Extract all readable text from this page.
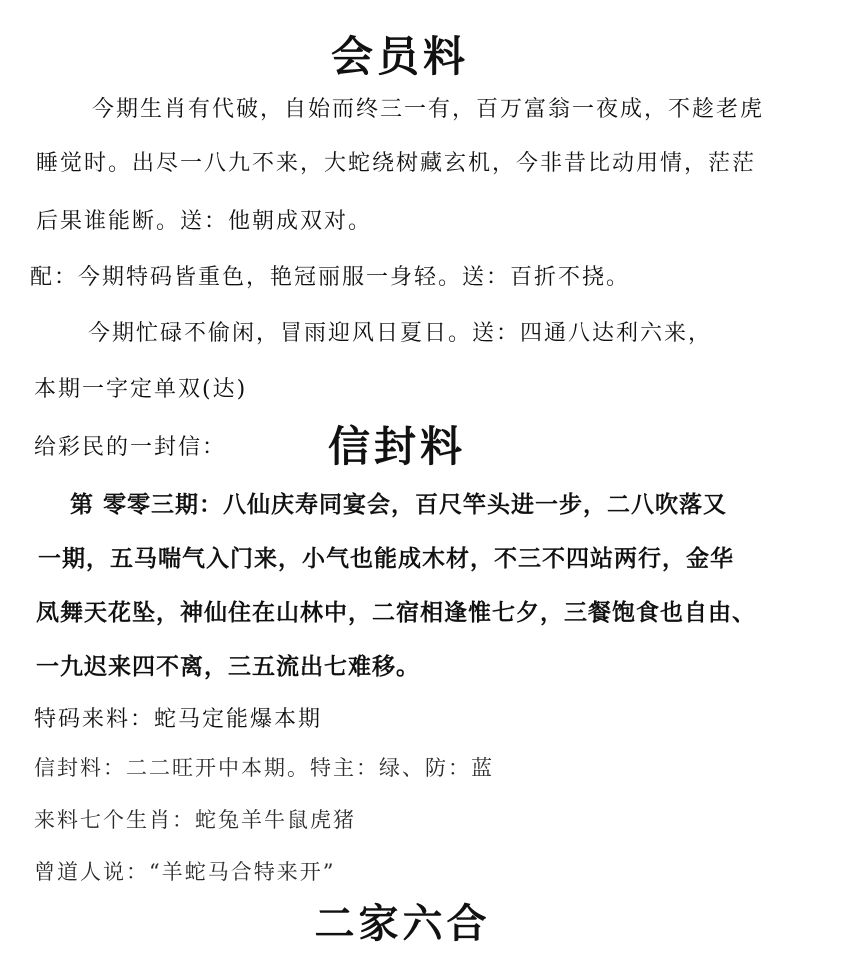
会员料
今期生肖有代破，自始而终三一有，百万富翁一夜成，不趁老虎
睡觉时。出尽一八九不来，大蛇绕树藏玄机，今非昔比动用情，茫茫
后果谁能断。送：他朝成双对。
配：今期特码皆重色，艳冠丽服一身轻。送：百折不挠。
今期忙碌不偷闲，冒雨迎风日夏日。送：四通八达利六来，
本期一字定单双(达)
给彩民的一封信： 信封料
第 零零三期：八仙庆寿同宴会，百尺竿头进一步，二八吹落又
一期，五马喘气入门来，小气也能成木材，不三不四站两行，金华
凤舞天花坠，神仙住在山林中，二宿相逢惟七夕，三餐饱食也自由、
一九迟来四不离，三五流出七难移。
特码来料：蛇马定能爆本期
信封料：二二旺开中本期。特主：绿、防：蓝
来料七个生肖：蛇兔羊牛鼠虎猪
曾道人说：“羊蛇马合特来开”
二家六合
